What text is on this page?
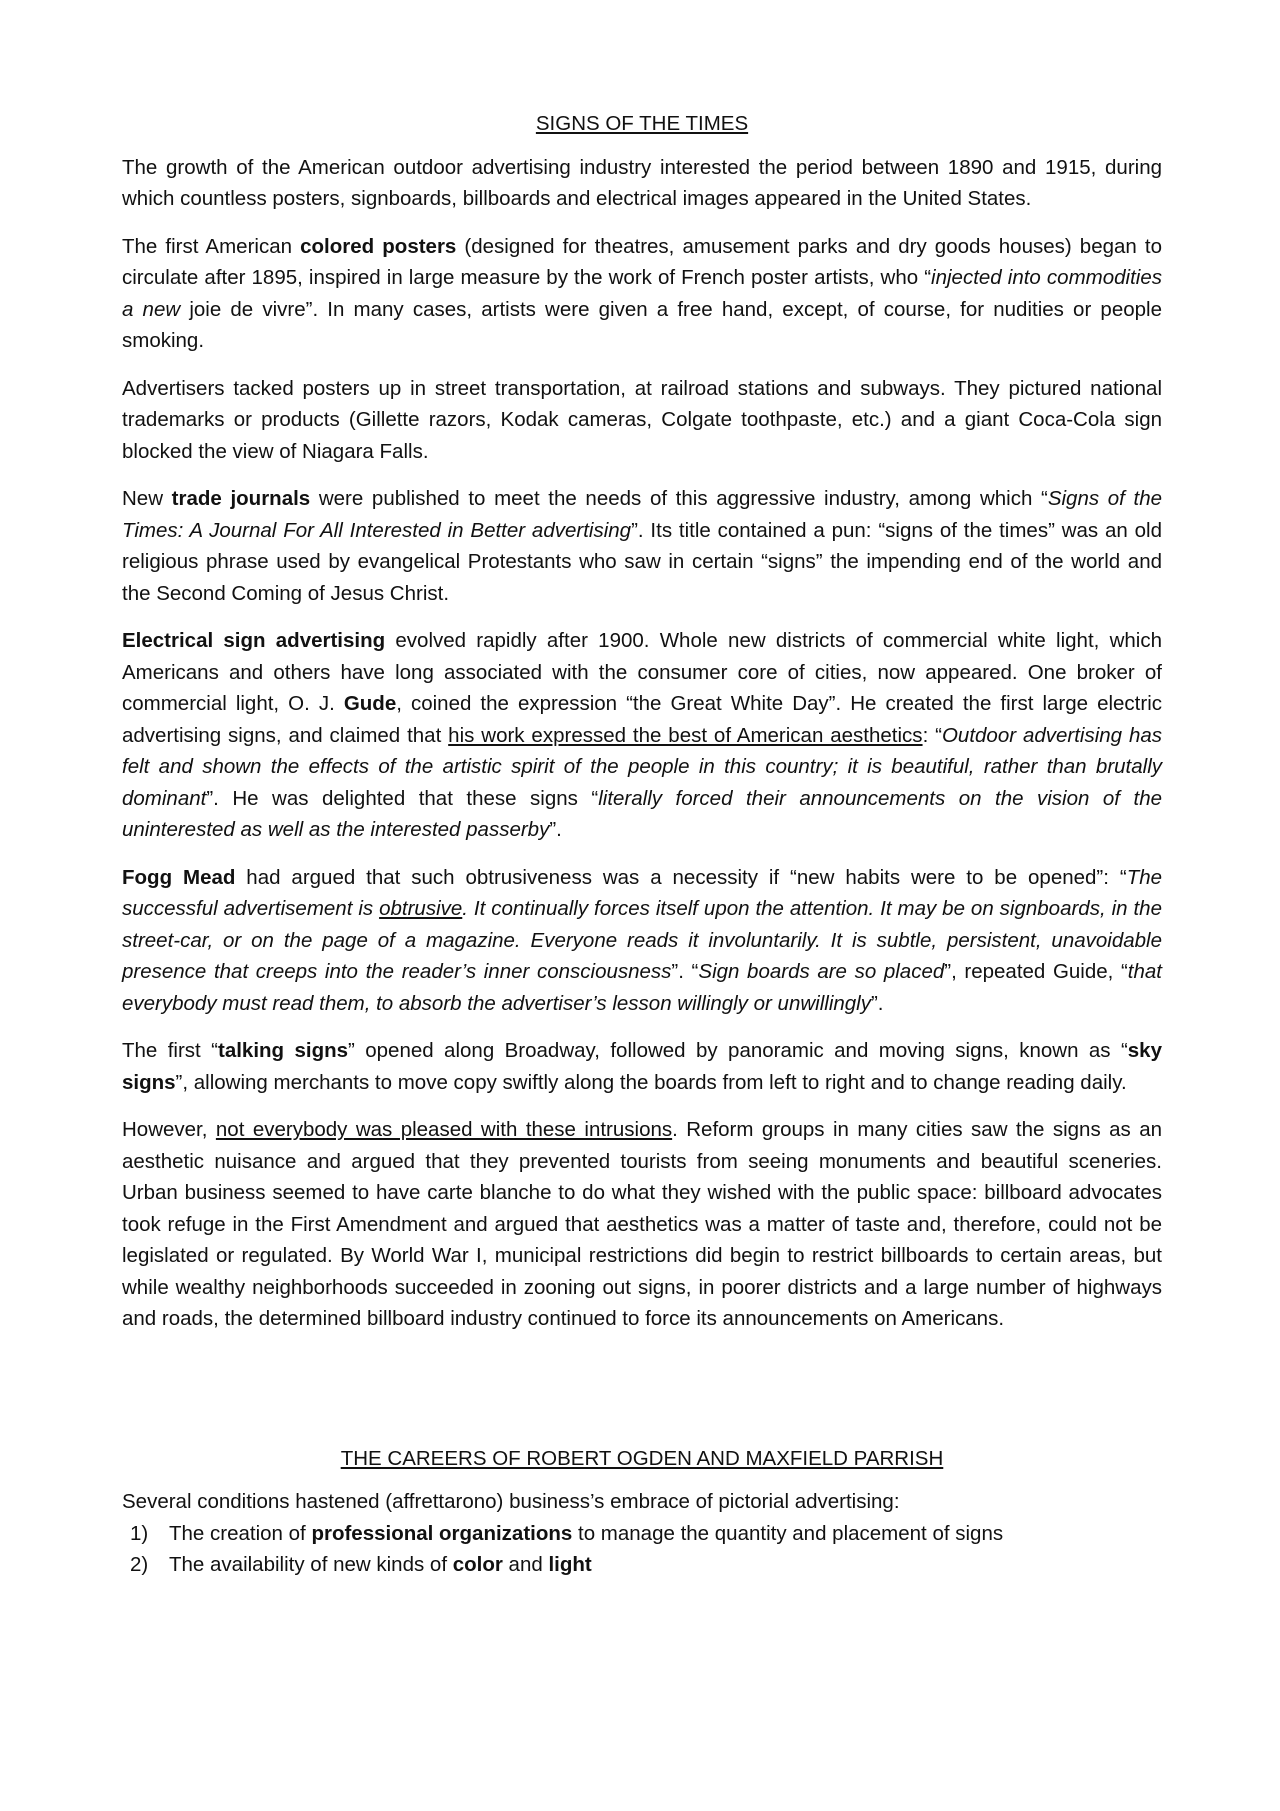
SIGNS OF THE TIMES

The growth of the American outdoor advertising industry interested the period between 1890 and 1915, during which countless posters, signboards, billboards and electrical images appeared in the United States.

The first American colored posters (designed for theatres, amusement parks and dry goods houses) began to circulate after 1895, inspired in large measure by the work of French poster artists, who “injected into commodities a new joie de vivre”. In many cases, artists were given a free hand, except, of course, for nudities or people smoking.

Advertisers tacked posters up in street transportation, at railroad stations and subways. They pictured national trademarks or products (Gillette razors, Kodak cameras, Colgate toothpaste, etc.) and a giant Coca-Cola sign blocked the view of Niagara Falls.

New trade journals were published to meet the needs of this aggressive industry, among which “Signs of the Times: A Journal For All Interested in Better advertising”. Its title contained a pun: “signs of the times” was an old religious phrase used by evangelical Protestants who saw in certain “signs” the impending end of the world and the Second Coming of Jesus Christ.

Electrical sign advertising evolved rapidly after 1900. Whole new districts of commercial white light, which Americans and others have long associated with the consumer core of cities, now appeared. One broker of commercial light, O. J. Gude, coined the expression “the Great White Day”. He created the first large electric advertising signs, and claimed that his work expressed the best of American aesthetics: “Outdoor advertising has felt and shown the effects of the artistic spirit of the people in this country; it is beautiful, rather than brutally dominant”. He was delighted that these signs “literally forced their announcements on the vision of the uninterested as well as the interested passerby”.

Fogg Mead had argued that such obtrusiveness was a necessity if “new habits were to be opened”: “The successful advertisement is obtrusive. It continually forces itself upon the attention. It may be on signboards, in the street-car, or on the page of a magazine. Everyone reads it involuntarily. It is subtle, persistent, unavoidable presence that creeps into the reader’s inner consciousness”. “Sign boards are so placed”, repeated Guide, “that everybody must read them, to absorb the advertiser’s lesson willingly or unwillingly”.

The first “talking signs” opened along Broadway, followed by panoramic and moving signs, known as “sky signs”, allowing merchants to move copy swiftly along the boards from left to right and to change reading daily.

However, not everybody was pleased with these intrusions. Reform groups in many cities saw the signs as an aesthetic nuisance and argued that they prevented tourists from seeing monuments and beautiful sceneries. Urban business seemed to have carte blanche to do what they wished with the public space: billboard advocates took refuge in the First Amendment and argued that aesthetics was a matter of taste and, therefore, could not be legislated or regulated. By World War I, municipal restrictions did begin to restrict billboards to certain areas, but while wealthy neighborhoods succeeded in zooning out signs, in poorer districts and a large number of highways and roads, the determined billboard industry continued to force its announcements on Americans.

THE CAREERS OF ROBERT OGDEN AND MAXFIELD PARRISH

Several conditions hastened (affrettarono) business’s embrace of pictorial advertising:

1) The creation of professional organizations to manage the quantity and placement of signs
2) The availability of new kinds of color and light
